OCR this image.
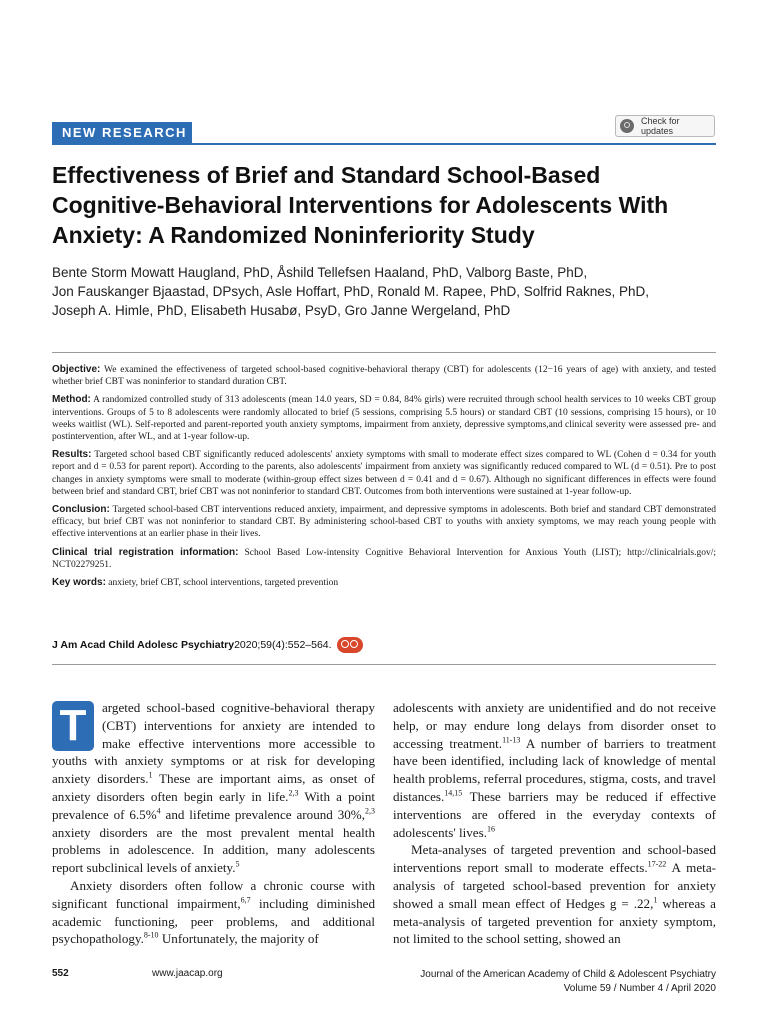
NEW RESEARCH
Check for updates
Effectiveness of Brief and Standard School-Based Cognitive-Behavioral Interventions for Adolescents With Anxiety: A Randomized Noninferiority Study
Bente Storm Mowatt Haugland, PhD, Åshild Tellefsen Haaland, PhD, Valborg Baste, PhD,
Jon Fauskanger Bjaastad, DPsych, Asle Hoffart, PhD, Ronald M. Rapee, PhD, Solfrid Raknes, PhD,
Joseph A. Himle, PhD, Elisabeth Husabø, PsyD, Gro Janne Wergeland, PhD

Objective: We examined the effectiveness of targeted school-based cognitive-behavioral therapy (CBT) for adolescents (12−16 years of age) with anxiety, and tested whether brief CBT was noninferior to standard duration CBT.

Method: A randomized controlled study of 313 adolescents (mean 14.0 years, SD = 0.84, 84% girls) were recruited through school health services to 10 weeks CBT group interventions. Groups of 5 to 8 adolescents were randomly allocated to brief (5 sessions, comprising 5.5 hours) or standard CBT (10 sessions, comprising 15 hours), or 10 weeks waitlist (WL). Self-reported and parent-reported youth anxiety symptoms, impairment from anxiety, depressive symptoms,and clinical severity were assessed pre- and postintervention, after WL, and at 1-year follow-up.

Results: Targeted school based CBT significantly reduced adolescents' anxiety symptoms with small to moderate effect sizes compared to WL (Cohen d = 0.34 for youth report and d = 0.53 for parent report). According to the parents, also adolescents' impairment from anxiety was significantly reduced compared to WL (d = 0.51). Pre to post changes in anxiety symptoms were small to moderate (within-group effect sizes between d = 0.41 and d = 0.67). Although no significant differences in effects were found between brief and standard CBT, brief CBT was not noninferior to standard CBT. Outcomes from both interventions were sustained at 1-year follow-up.

Conclusion: Targeted school-based CBT interventions reduced anxiety, impairment, and depressive symptoms in adolescents. Both brief and standard CBT demonstrated efficacy, but brief CBT was not noninferior to standard CBT. By administering school-based CBT to youths with anxiety symptoms, we may reach young people with effective interventions at an earlier phase in their lives.

Clinical trial registration information: School Based Low-intensity Cognitive Behavioral Intervention for Anxious Youth (LIST); http://clinicalrials.gov/; NCT02279251.

Key words: anxiety, brief CBT, school interventions, targeted prevention

J Am Acad Child Adolesc Psychiatry 2020;59(4):552–564.

T	argeted school-based cognitive-behavioral therapy (CBT) interventions for anxiety are intended to make effective interventions more accessible to youths with anxiety symptoms or at risk for developing anxiety disorders.$^1$ These are important aims, as onset of anxiety disorders often begin early in life.$^{2,3}$ With a point prevalence of 6.5%$^4$ and lifetime prevalence around 30%,$^{2,3}$ anxiety disorders are the most prevalent mental health problems in adolescence. In addition, many adolescents report subclinical levels of anxiety.$^5$

Anxiety disorders often follow a chronic course with significant functional impairment,$^{6,7}$ including diminished academic functioning, peer problems, and additional psychopathology.$^{8-10}$ Unfortunately, the majority of

adolescents with anxiety are unidentified and do not receive help, or may endure long delays from disorder onset to accessing treatment.$^{11-13}$ A number of barriers to treatment have been identified, including lack of knowledge of mental health problems, referral procedures, stigma, costs, and travel distances.$^{14,15}$ These barriers may be reduced if effective interventions are offered in the everyday contexts of adolescents' lives.$^{16}$

Meta-analyses of targeted prevention and school-based interventions report small to moderate effects.$^{17-22}$ A meta-analysis of targeted school-based prevention for anxiety showed a small mean effect of Hedges g = .22,$^1$ whereas a meta-analysis of targeted prevention for anxiety symptom, not limited to the school setting, showed an

552	www.jaacap.org	Journal of the American Academy of Child & Adolescent Psychiatry
Volume 59 / Number 4 / April 2020
